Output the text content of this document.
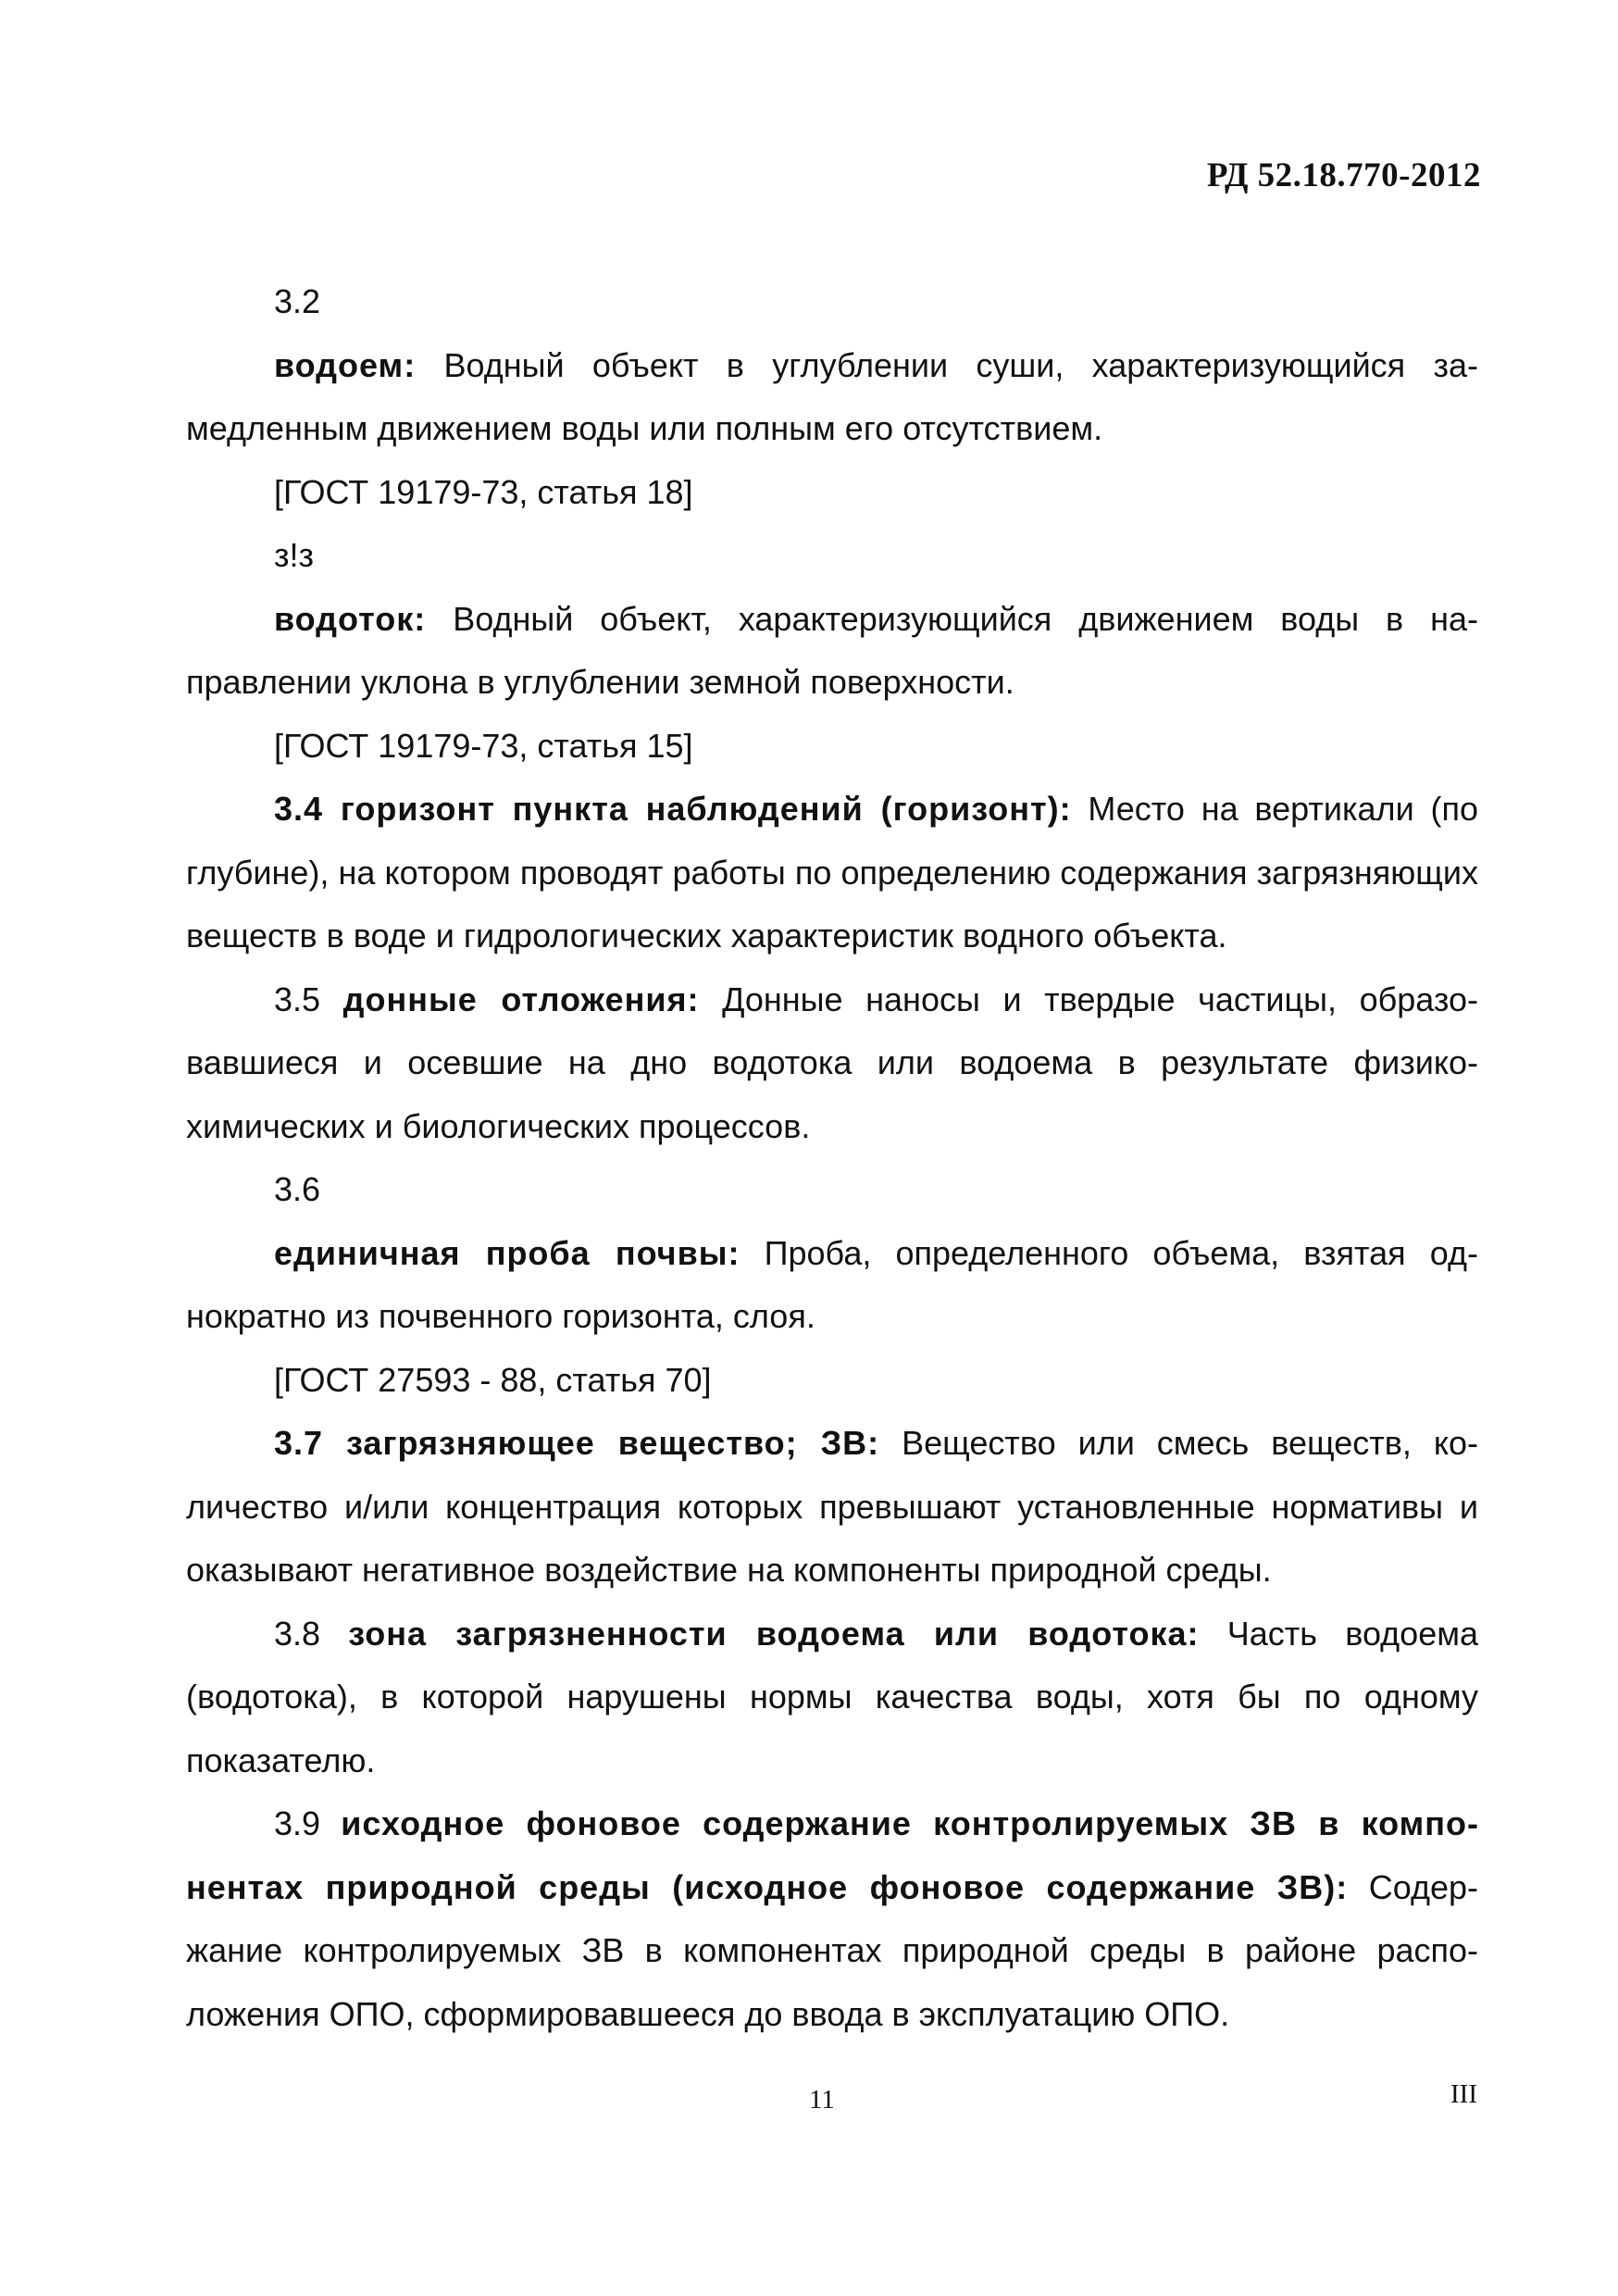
РД 52.18.770-2012

3.2

водоем: Водный объект в углублении суши, характеризующийся замедленным движением воды или полным его отсутствием.

[ГОСТ 19179-73, статья 18]

з!з

водоток: Водный объект, характеризующийся движением воды в направлении уклона в углублении земной поверхности.

[ГОСТ 19179-73, статья 15]

3.4 горизонт пункта наблюдений (горизонт): Место на вертикали (по глубине), на котором проводят работы по определению содержания загрязняющих веществ в воде и гидрологических характеристик водного объекта.

3.5 донные отложения: Донные наносы и твердые частицы, образовавшиеся и осевшие на дно водотока или водоема в результате физико-химических и биологических процессов.

3.6

единичная проба почвы: Проба, определенного объема, взятая однократно из почвенного горизонта, слоя.

[ГОСТ 27593 - 88, статья 70]

3.7 загрязняющее вещество; ЗВ: Вещество или смесь веществ, количество и/или концентрация которых превышают установленные нормативы и оказывают негативное воздействие на компоненты природной среды.

3.8 зона загрязненности водоема или водотока: Часть водоема (водотока), в которой нарушены нормы качества воды, хотя бы по одному показателю.

3.9 исходное фоновое содержание контролируемых ЗВ в компонентах природной среды (исходное фоновое содержание ЗВ): Содержание контролируемых ЗВ в компонентах природной среды в районе расположения ОПО, сформировавшееся до ввода в эксплуатацию ОПО.

11	III
